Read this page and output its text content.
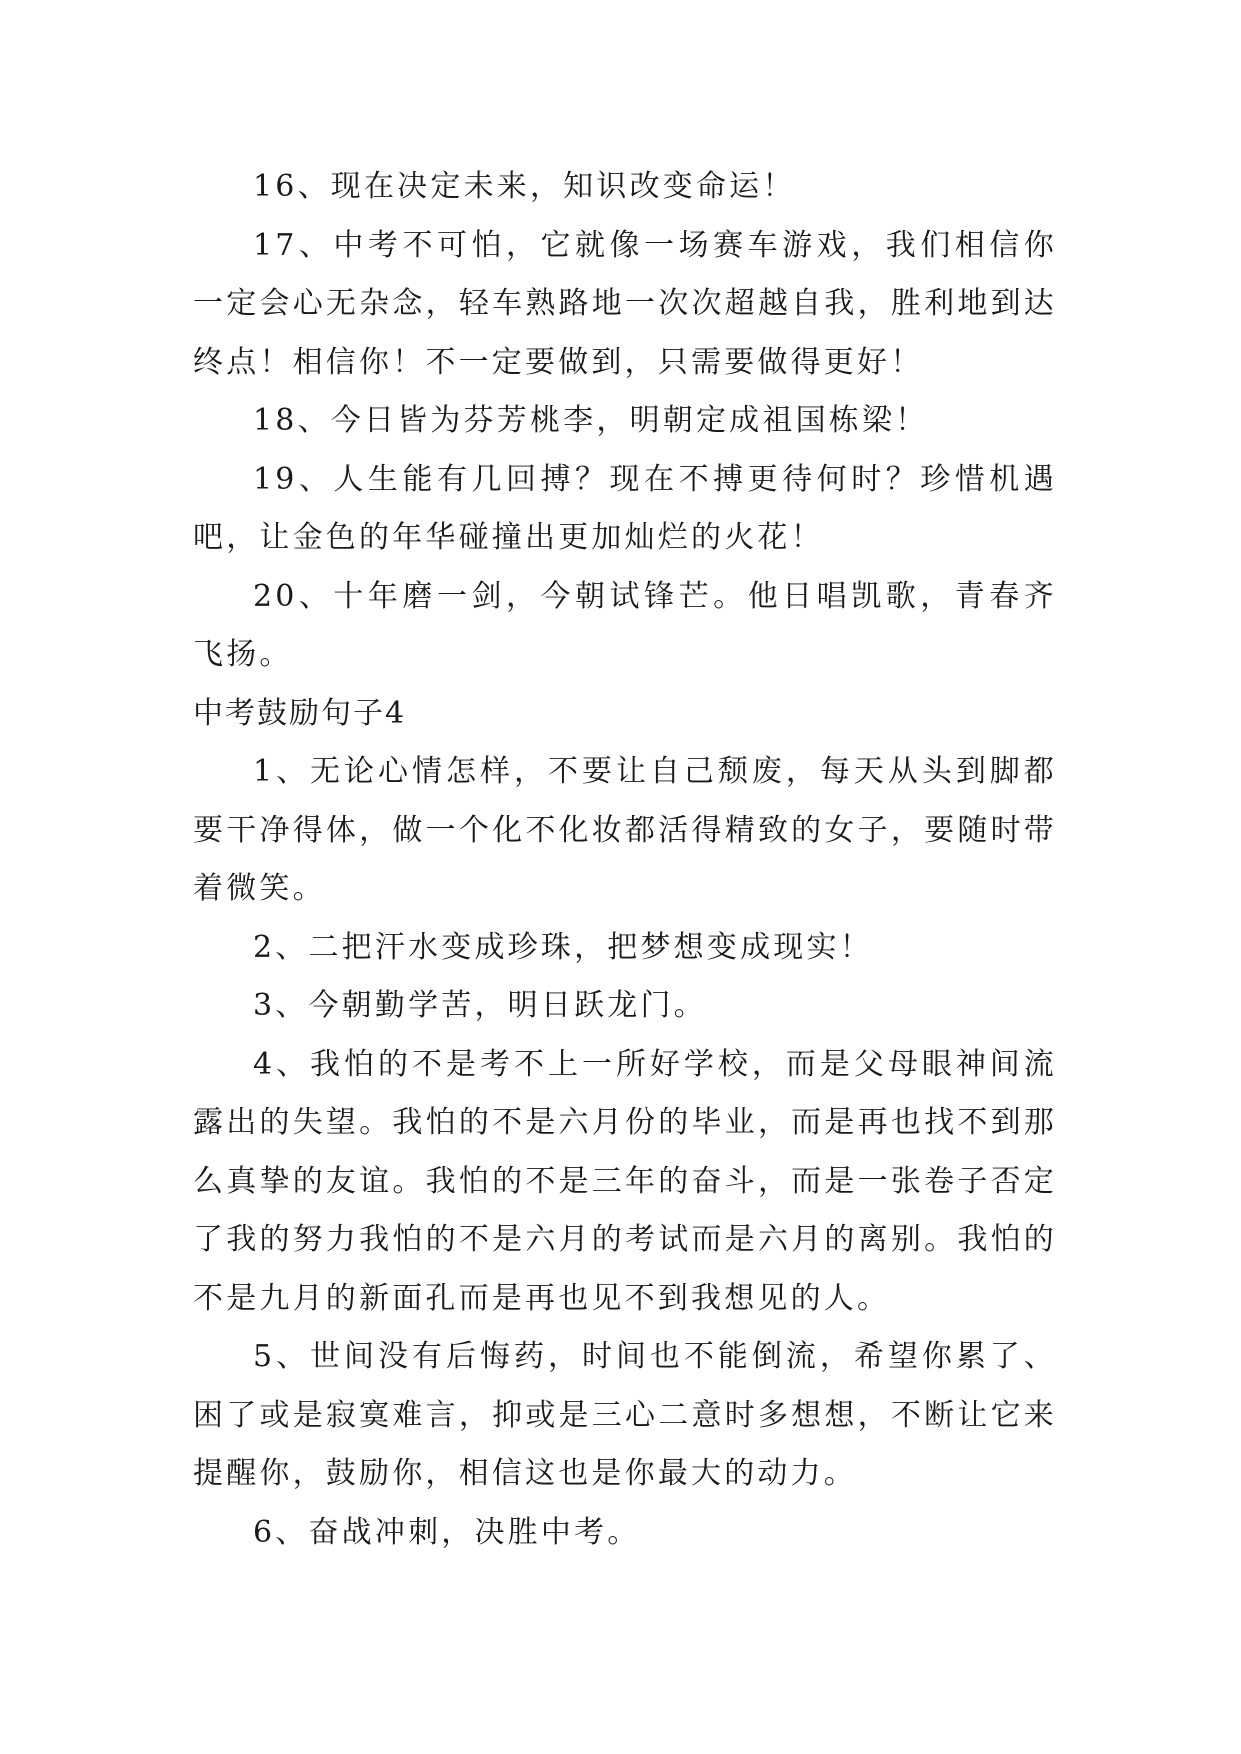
16、现在决定未来，知识改变命运！

17、中考不可怕，它就像一场赛车游戏，我们相信你一定会心无杂念，轻车熟路地一次次超越自我，胜利地到达终点！相信你！不一定要做到，只需要做得更好！

18、今日皆为芬芳桃李，明朝定成祖国栋梁！

19、人生能有几回搏？现在不搏更待何时？珍惜机遇吧，让金色的年华碰撞出更加灿烂的火花！

20、十年磨一剑，今朝试锋芒。他日唱凯歌，青春齐飞扬。

中考鼓励句子4

1、无论心情怎样，不要让自己颓废，每天从头到脚都要干净得体，做一个化不化妆都活得精致的女子，要随时带着微笑。

2、二把汗水变成珍珠，把梦想变成现实！

3、今朝勤学苦，明日跃龙门。

4、我怕的不是考不上一所好学校，而是父母眼神间流露出的失望。我怕的不是六月份的毕业，而是再也找不到那么真挚的友谊。我怕的不是三年的奋斗，而是一张卷子否定了我的努力我怕的不是六月的考试而是六月的离别。我怕的不是九月的新面孔而是再也见不到我想见的人。

5、世间没有后悔药，时间也不能倒流，希望你累了、困了或是寂寞难言，抑或是三心二意时多想想，不断让它来提醒你，鼓励你，相信这也是你最大的动力。

6、奋战冲刺，决胜中考。
